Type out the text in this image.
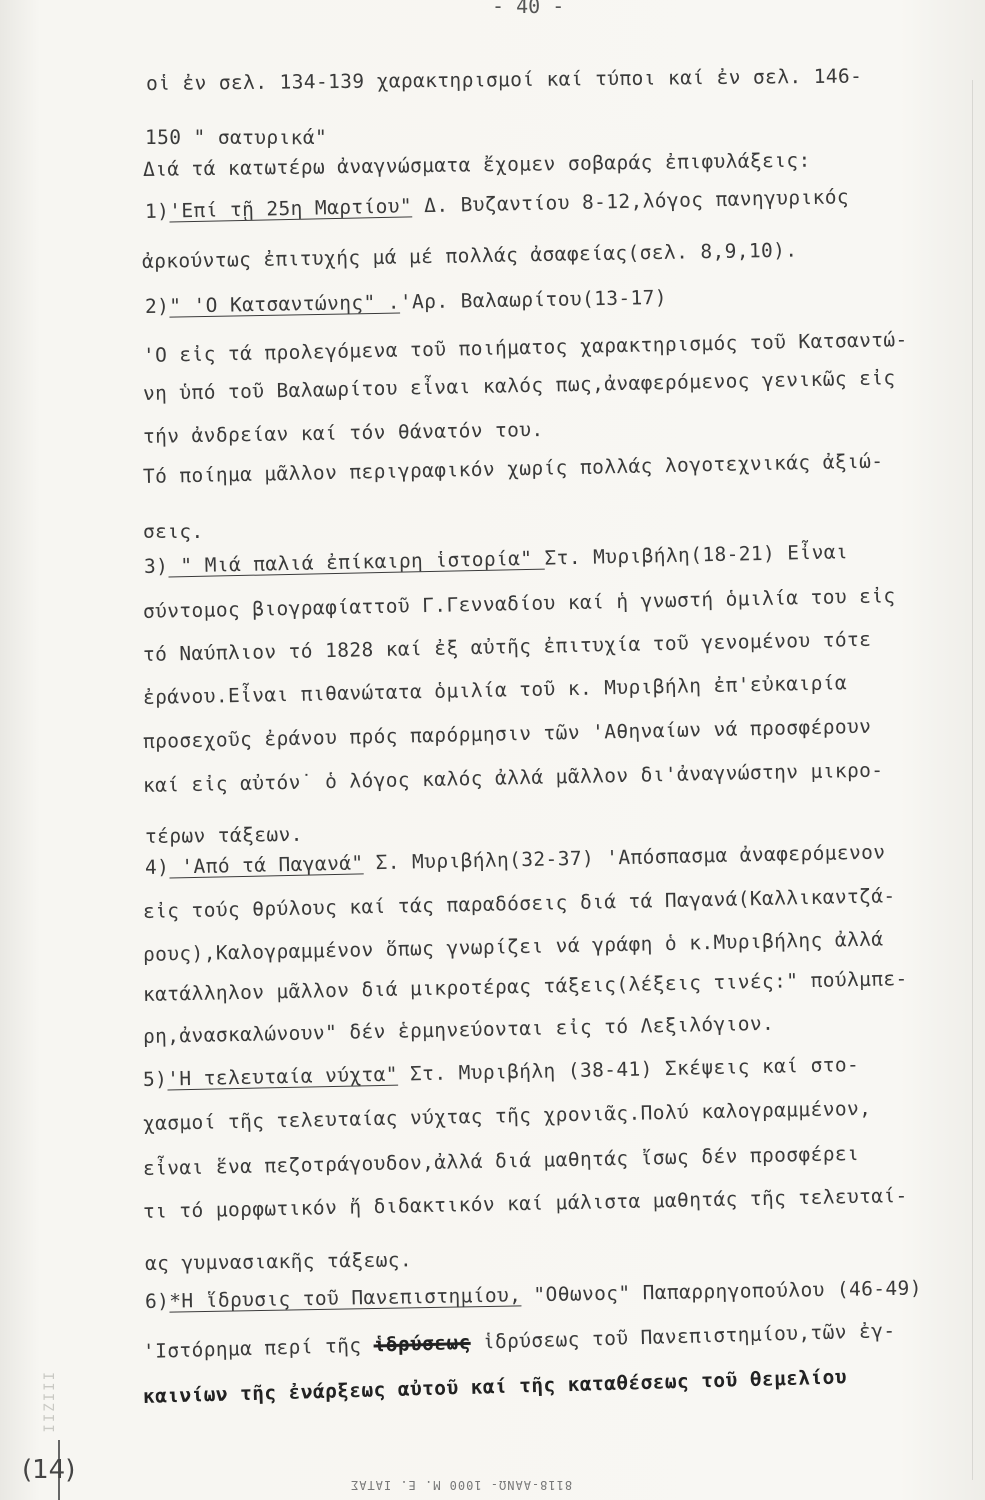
- 40 -
οἱ ἐν σελ. 134-139 χαρακτηρισμοί καί τύποι καί ἐν σελ. 146-
150 " σατυρικά"
Διά τά κατωτέρω ἀναγνώσματα ἔχομεν σοβαράς ἐπιφυλάξεις:
1)'Επί τῇ 25η Μαρτίου" Δ. Βυζαντίου 8-12,λόγος πανηγυρικός
ἀρκούντως ἐπιτυχής μά μέ πολλάς ἀσαφείας(σελ. 8,9,10).
2)" 'Ο Κατσαντώνης" .'Αρ. Βαλαωρίτου(13-17)
'Ο εἰς τά προλεγόμενα τοῦ ποιήματος χαρακτηρισμός τοῦ Κατσαντώ-
νη ὑπό τοῦ Βαλαωρίτου εἶναι καλός πως,ἀναφερόμενος γενικῶς εἰς
τήν ἀνδρείαν καί τόν θάνατόν του.
Τό ποίημα μᾶλλον περιγραφικόν χωρίς πολλάς λογοτεχνικάς ἀξιώ-
σεις.
3) " Μιά παλιά ἐπίκαιρη ἱστορία" Στ. Μυριβήλη(18-21) Εἶναι
σύντομος βιογραφίαττοῦ Γ.Γενναδίου καί ἡ γνωστή ὁμιλία του εἰς
τό Ναύπλιον τό 1828 καί ἐξ αὐτῆς ἐπιτυχία τοῦ γενομένου τότε
ἐράνου.Εἶναι πιθανώτατα ὁμιλία τοῦ κ. Μυριβήλη ἐπ'εὐκαιρία
προσεχοῦς ἐράνου πρός παρόρμησιν τῶν 'Αθηναίων νά προσφέρουν
καί εἰς αὐτόν˙ ὁ λόγος καλός ἀλλά μᾶλλον δι'ἀναγνώστην μικρο-
τέρων τάξεων.
4) 'Από τά Παγανά" Σ. Μυριβήλη(32-37) 'Απόσπασμα ἀναφερόμενον
εἰς τούς θρύλους καί τάς παραδόσεις διά τά Παγανά(Καλλικαντζά-
ρους),Καλογραμμένον ὅπως γνωρίζει νά γράφη ὁ κ.Μυριβήλης ἀλλά
κατάλληλον μᾶλλον διά μικροτέρας τάξεις(λέξεις τινές:" πούλμπε-
ρη,ἀνασκαλώνουν" δέν ἑρμηνεύονται εἰς τό Λεξιλόγιον.
5)'Η τελευταία νύχτα" Στ. Μυριβήλη (38-41) Σκέψεις καί στο-
χασμοί τῆς τελευταίας νύχτας τῆς χρονιᾶς.Πολύ καλογραμμένον,
εἶναι ἕνα πεζοτράγουδον,ἀλλά διά μαθητάς ἴσως δέν προσφέρει
τι τό μορφωτικόν ἤ διδακτικόν καί μάλιστα μαθητάς τῆς τελευταί-
ας γυμνασιακῆς τάξεως.
6)*Η ἵδρυσις τοῦ Πανεπιστημίου, "Οθωνος" Παπαρρηγοπούλου (46-49)
'Ιστόρημα περί τῆς ἱδρύσεως ἱδρύσεως τοῦ Πανεπιστημίου,τῶν ἐγ-
καινίων τῆς ἐνάρξεως αὐτοῦ καί τῆς καταθέσεως τοῦ θεμελίου
ΙΙΖΙΙΙ
(14)	8118-ΑΑΝΩ- 1000 Μ. Ε. ΙΑΤΑΣ
